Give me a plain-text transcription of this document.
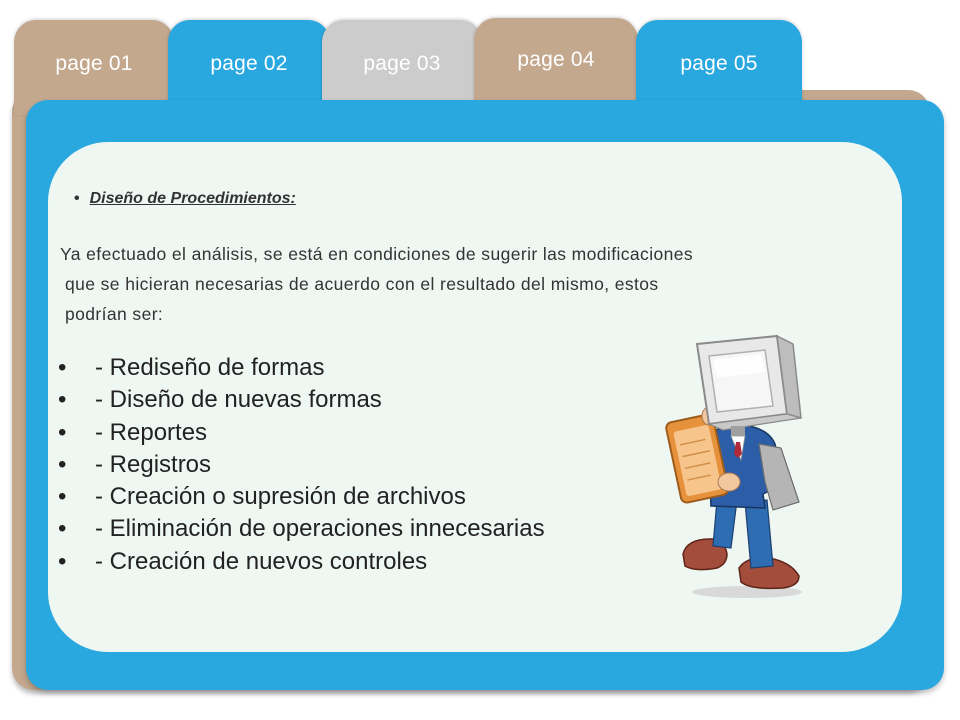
page 01	page 02	page 03	page 04	page 05
• Diseño de Procedimientos:
Ya efectuado el análisis, se está en condiciones de sugerir las modificaciones
que se hicieran necesarias de acuerdo con el resultado del mismo, estos
podrían ser:
• - Rediseño de formas
• - Diseño de nuevas formas
• - Reportes
• - Registros
• - Creación o supresión de archivos
• - Eliminación de operaciones innecesarias
• - Creación de nuevos controles
